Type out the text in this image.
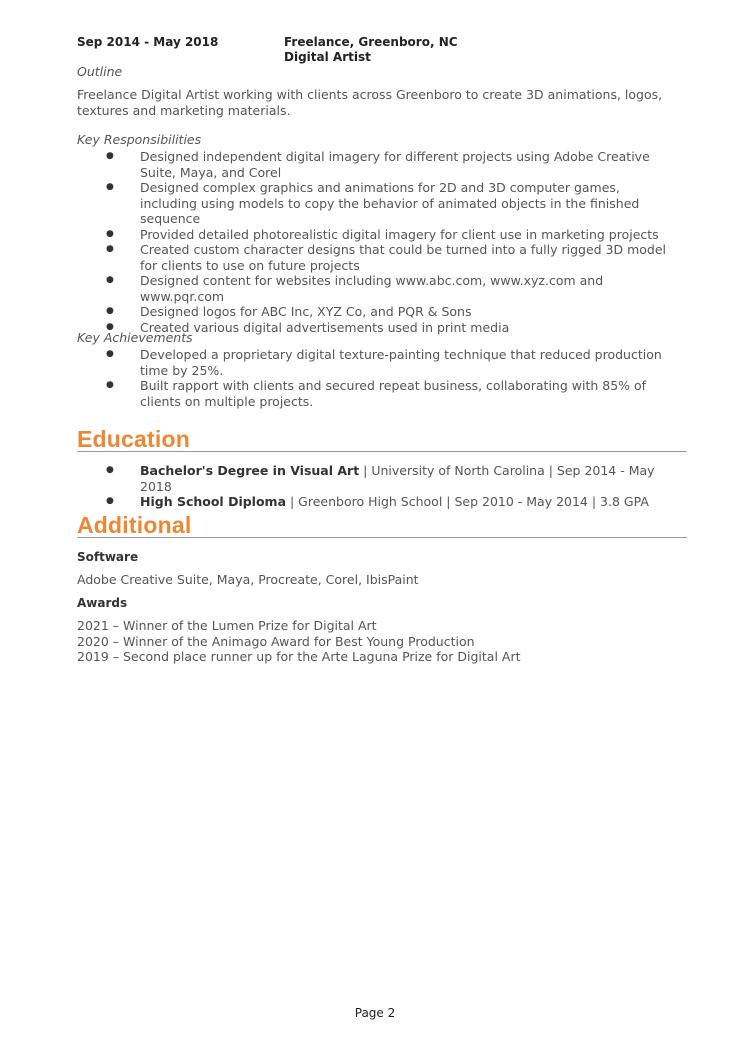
Sep 2014 - May 2018	Freelance, Greenboro, NC
Digital Artist
Outline
Freelance Digital Artist working with clients across Greenboro to create 3D animations, logos, textures and marketing materials.
Key Responsibilities
● Designed independent digital imagery for different projects using Adobe Creative Suite, Maya, and Corel
● Designed complex graphics and animations for 2D and 3D computer games, including using models to copy the behavior of animated objects in the finished sequence
● Provided detailed photorealistic digital imagery for client use in marketing projects
● Created custom character designs that could be turned into a fully rigged 3D model for clients to use on future projects
● Designed content for websites including www.abc.com, www.xyz.com and www.pqr.com
● Designed logos for ABC Inc, XYZ Co, and PQR & Sons
● Created various digital advertisements used in print media
Key Achievements
● Developed a proprietary digital texture-painting technique that reduced production time by 25%.
● Built rapport with clients and secured repeat business, collaborating with 85% of clients on multiple projects.
Education
● Bachelor's Degree in Visual Art | University of North Carolina | Sep 2014 - May 2018
● High School Diploma | Greenboro High School | Sep 2010 - May 2014 | 3.8 GPA
Additional
Software
Adobe Creative Suite, Maya, Procreate, Corel, IbisPaint
Awards
2021 – Winner of the Lumen Prize for Digital Art
2020 – Winner of the Animago Award for Best Young Production
2019 – Second place runner up for the Arte Laguna Prize for Digital Art
Page 2
